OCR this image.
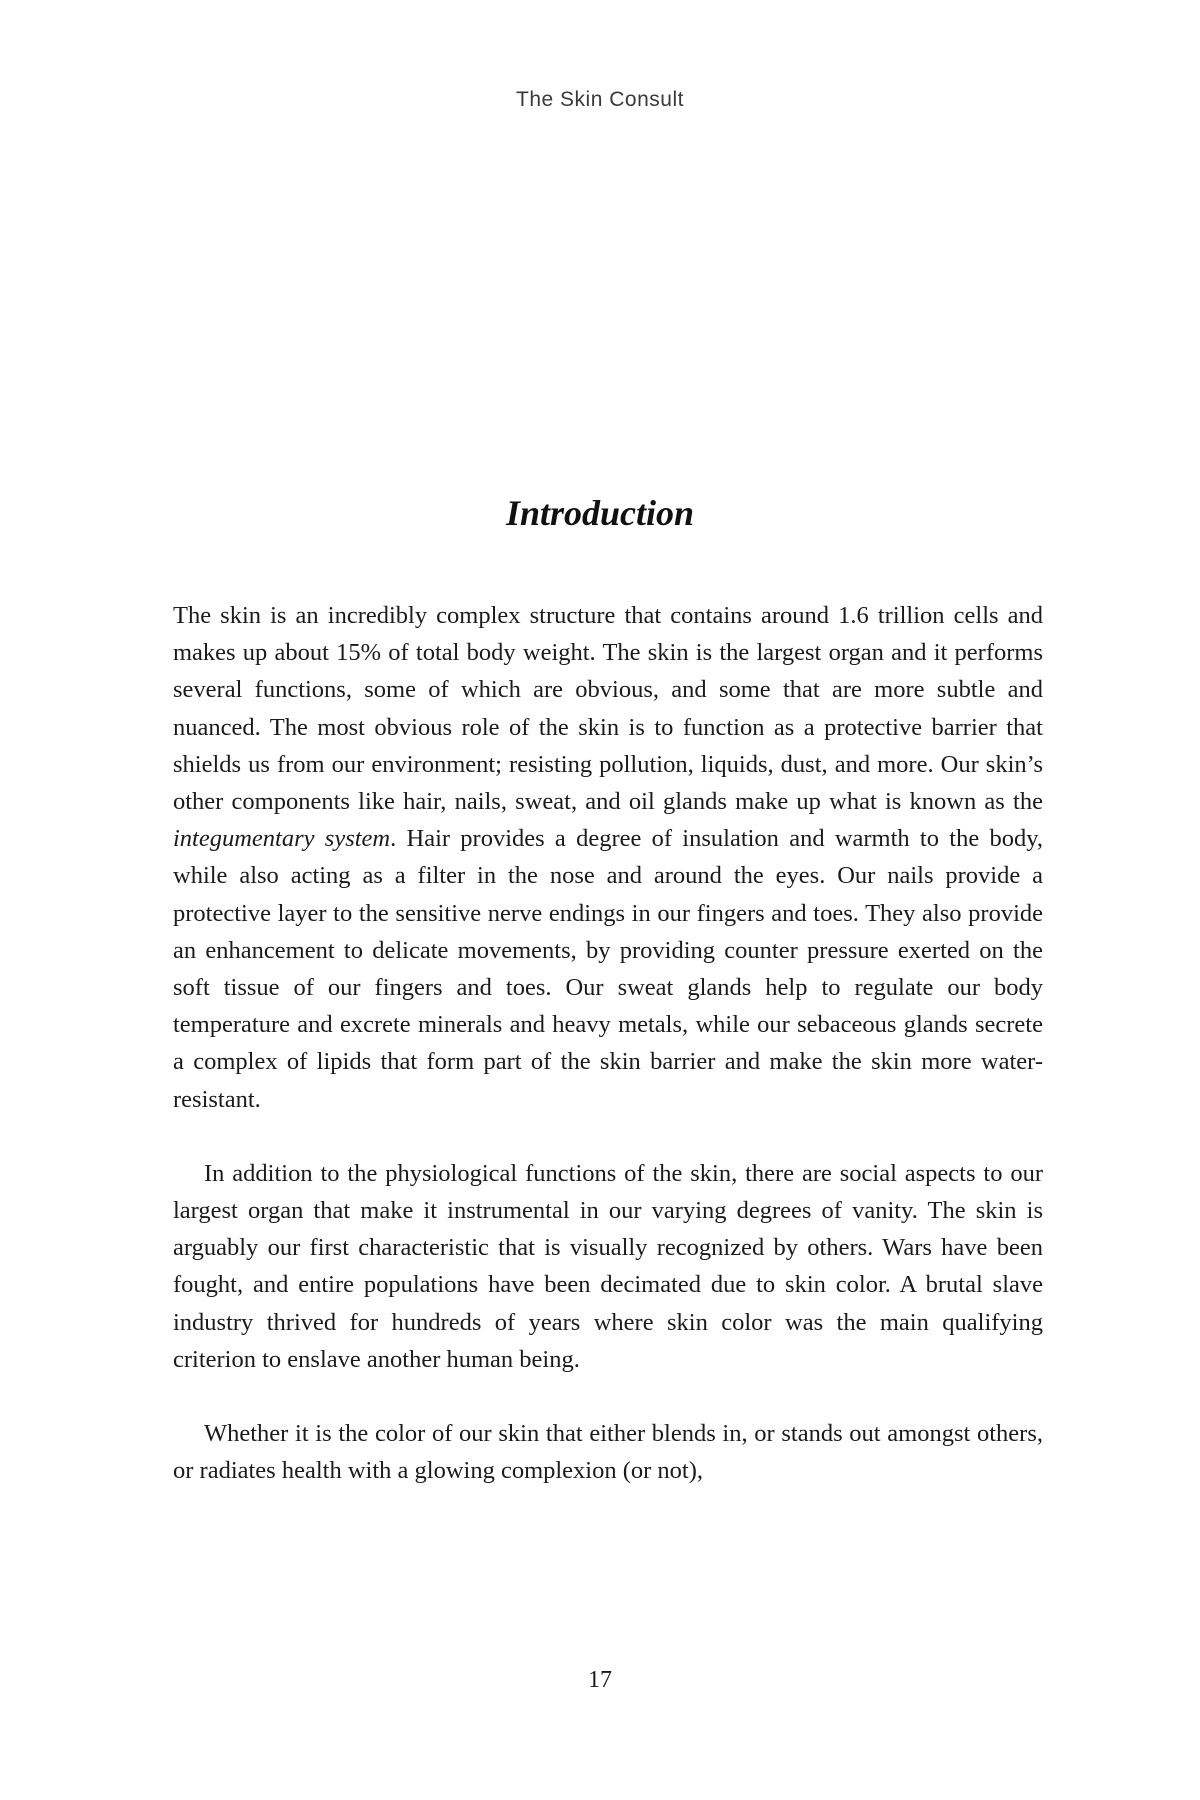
The Skin Consult
Introduction

The skin is an incredibly complex structure that contains around 1.6 trillion cells and makes up about 15% of total body weight. The skin is the largest organ and it performs several functions, some of which are obvious, and some that are more subtle and nuanced. The most obvious role of the skin is to function as a protective barrier that shields us from our environment; resisting pollution, liquids, dust, and more. Our skin’s other components like hair, nails, sweat, and oil glands make up what is known as the integumentary system. Hair provides a degree of insulation and warmth to the body, while also acting as a filter in the nose and around the eyes. Our nails provide a protective layer to the sensitive nerve endings in our fingers and toes. They also provide an enhancement to delicate movements, by providing counter pressure exerted on the soft tissue of our fingers and toes. Our sweat glands help to regulate our body temperature and excrete minerals and heavy metals, while our sebaceous glands secrete a complex of lipids that form part of the skin barrier and make the skin more water-resistant.

In addition to the physiological functions of the skin, there are social aspects to our largest organ that make it instrumental in our varying degrees of vanity. The skin is arguably our first characteristic that is visually recognized by others. Wars have been fought, and entire populations have been decimated due to skin color. A brutal slave industry thrived for hundreds of years where skin color was the main qualifying criterion to enslave another human being.

Whether it is the color of our skin that either blends in, or stands out amongst others, or radiates health with a glowing complexion (or not),

17
